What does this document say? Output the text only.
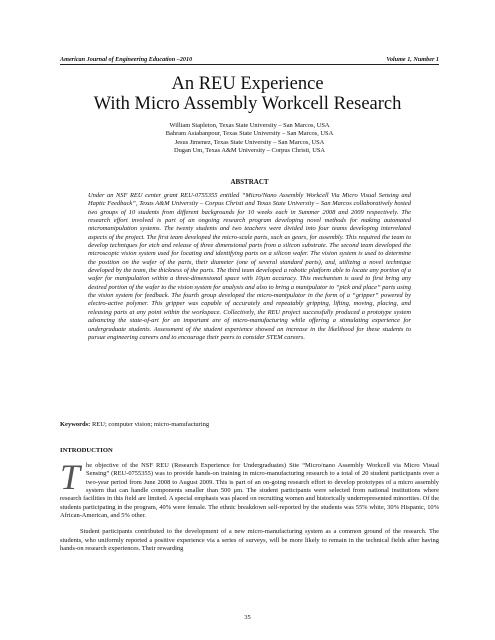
American Journal of Engineering Education –2010	Volume 1, Number 1
An REU Experience
With Micro Assembly Workcell Research
William Stapleton, Texas State University – San Marcos, USA
Bahram Asiabanpour, Texas State University – San Marcos, USA
Jesus Jimenez, Texas State University – San Marcos, USA
Dugan Um, Texas A&M University – Corpus Christi, USA
ABSTRACT
Under an NSF REU center grant REU-0755355 entitled “Micro/Nano Assembly Workcell Via Micro Visual Sensing and Haptic Feedback”, Texas A&M University – Corpus Christi and Texas State University – San Marcos collaboratively hosted two groups of 10 students from different backgrounds for 10 weeks each in Summer 2008 and 2009 respectively. The research effort involved is part of an ongoing research program developing novel methods for making automated micromanipulation systems. The twenty students and two teachers were divided into four teams developing interrelated aspects of the project. The first team developed the micro-scale parts, such as gears, for assembly. This required the team to develop techniques for etch and release of three dimensional parts from a silicon substrate. The second team developed the microscopic vision system used for locating and identifying parts on a silicon wafer. The vision system is used to determine the position on the wafer of the parts, their diameter (one of several standard parts), and, utilizing a novel technique developed by the team, the thickness of the parts. The third team developed a robotic platform able to locate any portion of a wafer for manipulation within a three-dimensional space with 10µm accuracy. This mechanism is used to first bring any desired portion of the wafer to the vision system for analysis and also to bring a manipulator to “pick and place” parts using the vision system for feedback. The fourth group developed the micro-manipulator in the form of a “gripper” powered by electro-active polymer. This gripper was capable of accurately and repeatably gripping, lifting, moving, placing, and releasing parts at any point within the workspace. Collectively, the REU project successfully produced a prototype system advancing the state-of-art for an important are of micro-manufacturing while offering a stimulating experience for undergraduate students. Assessment of the student experience showed an increase in the likelihood for these students to pursue engineering careers and to encourage their peers to consider STEM careers.
Keywords: REU; computer vision; micro-manufacturing
INTRODUCTION

The objective of the NSF REU (Research Experience for Undergraduates) Site “Micro/nano Assembly Workcell via Micro Visual Sensing” (REU-0755355) was to provide hands-on training in micro-manufacturing research to a total of 20 student participants over a two-year period from June 2008 to August 2009. This is part of an on-going research effort to develop prototypes of a micro assembly system that can handle components smaller than 500 µm. The student participants were selected from national institutions where research facilities in this field are limited. A special emphasis was placed on recruiting women and historically underrepresented minorities. Of the students participating in the program, 40% were female. The ethnic breakdown self-reported by the students was 55% white, 30% Hispanic, 10% African-American, and 5% other.

Student participants contributed to the development of a new micro-manufacturing system as a common ground of the research. The students, who uniformly reported a positive experience via a series of surveys, will be more likely to remain in the technical fields after having hands-on research experiences. Their rewarding

35
